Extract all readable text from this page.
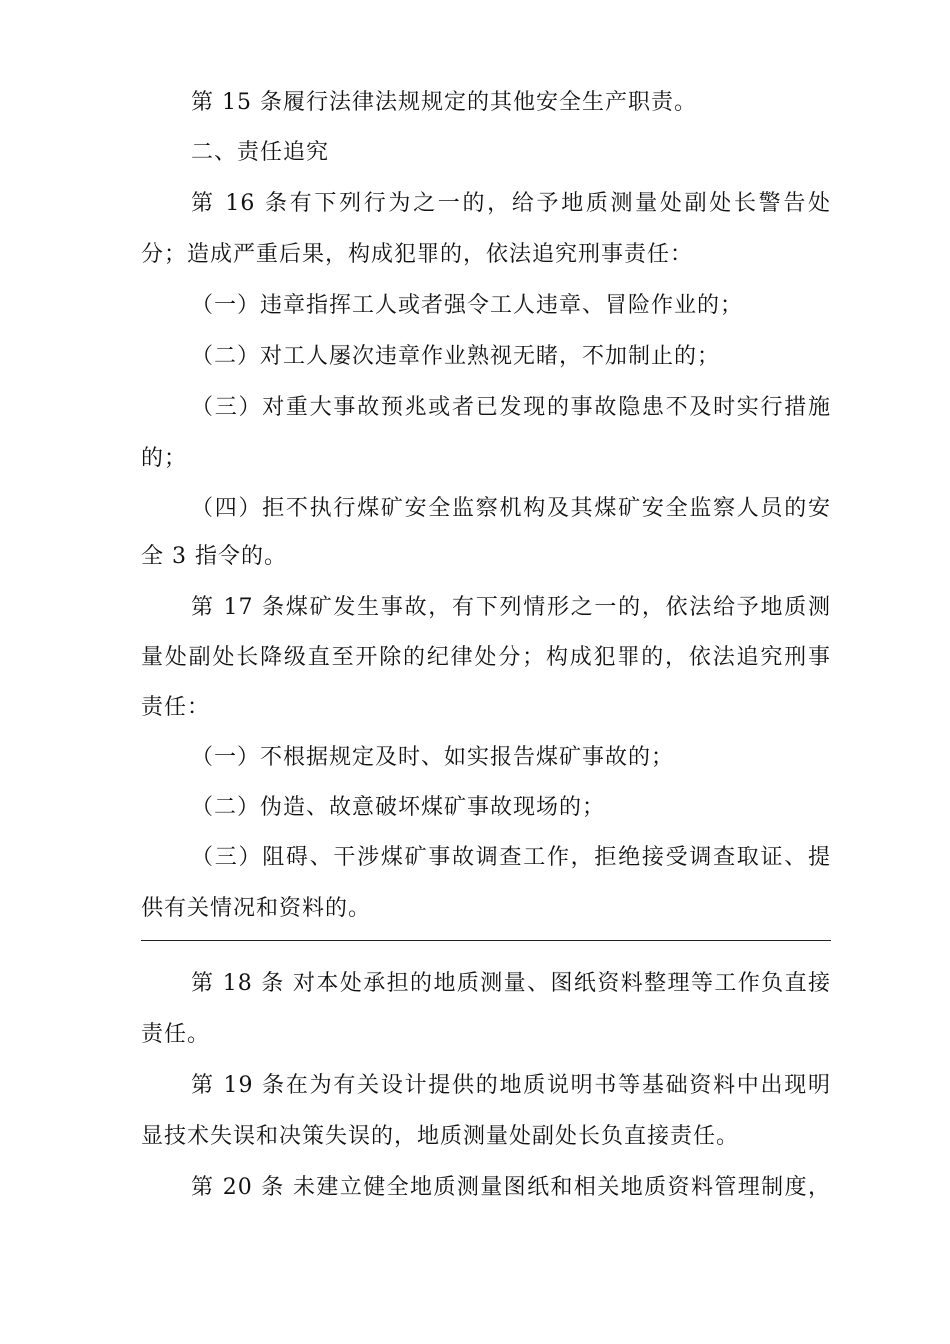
第 15 条履行法律法规规定的其他安全生产职责。
二、责任追究
第 16 条有下列行为之一的，给予地质测量处副处长警告处
分；造成严重后果，构成犯罪的，依法追究刑事责任：
（一）违章指挥工人或者强令工人违章、冒险作业的；
（二）对工人屡次违章作业熟视无睹，不加制止的；
（三）对重大事故预兆或者已发现的事故隐患不及时实行措施
的；
（四）拒不执行煤矿安全监察机构及其煤矿安全监察人员的安
全 3 指令的。
第 17 条煤矿发生事故，有下列情形之一的，依法给予地质测
量处副处长降级直至开除的纪律处分；构成犯罪的，依法追究刑事
责任：
（一）不根据规定及时、如实报告煤矿事故的；
（二）伪造、故意破坏煤矿事故现场的；
（三）阻碍、干涉煤矿事故调查工作，拒绝接受调查取证、提
供有关情况和资料的。
第 18 条 对本处承担的地质测量、图纸资料整理等工作负直接
责任。
第 19 条在为有关设计提供的地质说明书等基础资料中出现明
显技术失误和决策失误的，地质测量处副处长负直接责任。
第 20 条 未建立健全地质测量图纸和相关地质资料管理制度，
